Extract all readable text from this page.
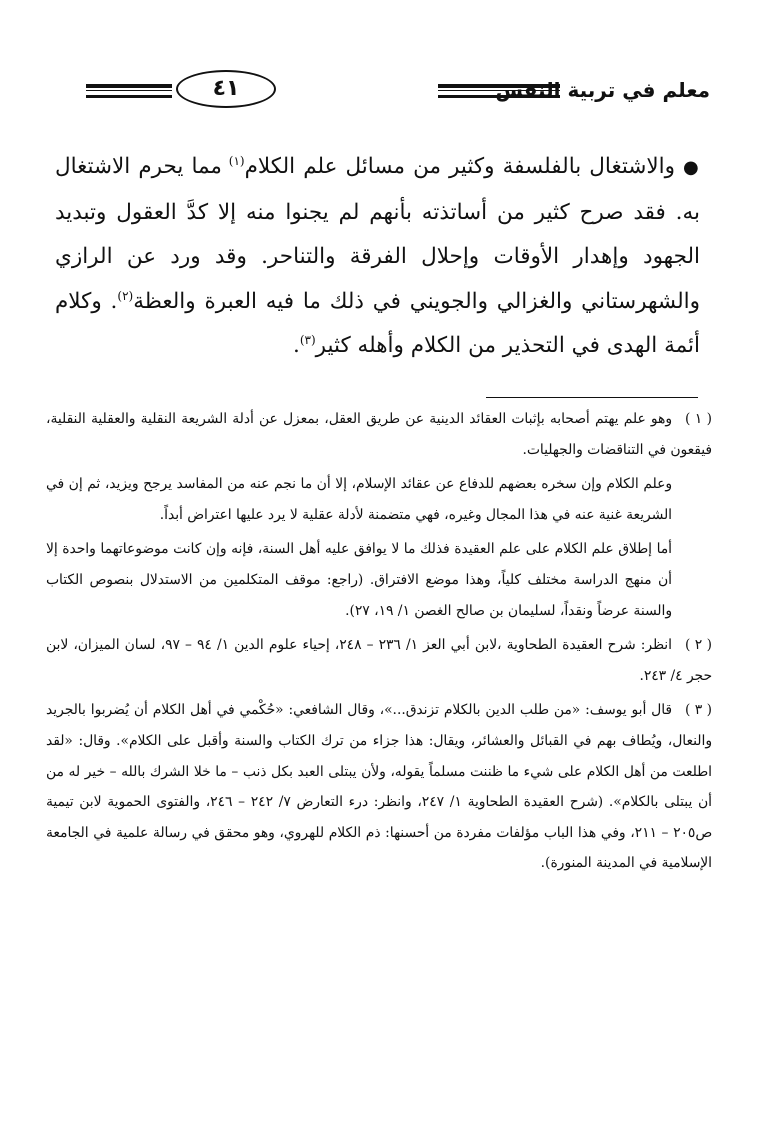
معلم في تربية النفس
٤١
● والاشتغال بالفلسفة وكثير من مسائل علم الكلام$^{(١)}$ مما يحرم الاشتغال به. فقد صرح كثير من أساتذته بأنهم لم يجنوا منه إلا كدَّ العقول وتبديد الجهود وإهدار الأوقات وإحلال الفرقة والتناحر. وقد ورد عن الرازي والشهرستاني والغزالي والجويني في ذلك ما فيه العبرة والعظة$^{(٢)}$. وكلام أئمة الهدى في التحذير من الكلام وأهله كثير$^{(٣)}$.

( ١ )وهو علم يهتم أصحابه بإثبات العقائد الدينية عن طريق العقل، بمعزل عن أدلة الشريعة النقلية والعقلية النقلية، فيقعون في التناقضات والجهليات.

وعلم الكلام وإن سخره بعضهم للدفاع عن عقائد الإسلام، إلا أن ما نجم عنه من المفاسد يرجح ويزيد، ثم إن في الشريعة غنية عنه في هذا المجال وغيره، فهي متضمنة لأدلة عقلية لا يرد عليها اعتراض أبداً.

أما إطلاق علم الكلام على علم العقيدة فذلك ما لا يوافق عليه أهل السنة، فإنه وإن كانت موضوعاتهما واحدة إلا أن منهج الدراسة مختلف كلياً، وهذا موضع الافتراق. (راجع: موقف المتكلمين من الاستدلال بنصوص الكتاب والسنة عرضاً ونقداً، لسليمان بن صالح الغصن ١/ ١٩، ٢٧).

( ٢ )انظر: شرح العقيدة الطحاوية ،لابن أبي العز ١/ ٢٣٦ – ٢٤٨، إحياء علوم الدين ١/ ٩٤ – ٩٧، لسان الميزان، لابن حجر ٤/ ٢٤٣.

( ٣ )قال أبو يوسف: «من طلب الدين بالكلام تزندق...»، وقال الشافعي: «حُكْمي في أهل الكلام أن يُضربوا بالجريد والنعال، ويُطاف بهم في القبائل والعشائر، ويقال: هذا جزاء من ترك الكتاب والسنة وأقبل على الكلام». وقال: «لقد اطلعت من أهل الكلام على شيء ما ظننت مسلماً يقوله، ولأن يبتلى العبد بكل ذنب – ما خلا الشرك بالله – خير له من أن يبتلى بالكلام». (شرح العقيدة الطحاوية ١/ ٢٤٧، وانظر: درء التعارض ٧/ ٢٤٢ – ٢٤٦، والفتوى الحموية لابن تيمية ص٢٠٥ – ٢١١، وفي هذا الباب مؤلفات مفردة من أحسنها: ذم الكلام للهروي، وهو محقق في رسالة علمية في الجامعة الإسلامية في المدينة المنورة).
